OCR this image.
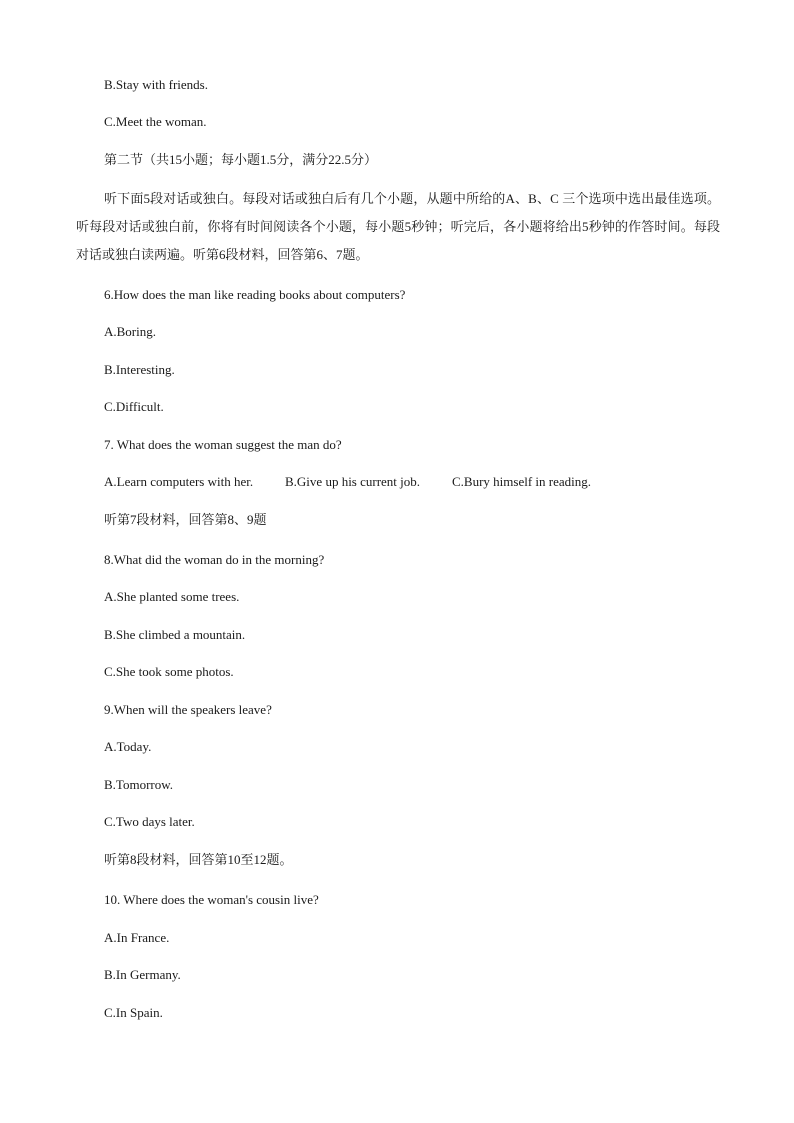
B.Stay with friends.
C.Meet the woman.
第二节（共15小题；每小题1.5分，满分22.5分）
听下面5段对话或独白。每段对话或独白后有几个小题，从题中所给的A、B、C 三个选项中选出最佳选项。听每段对话或独白前，你将有时间阅读各个小题，每小题5秒钟；听完后，各小题将给出5秒钟的作答时间。每段对话或独白读两遍。听第6段材料，回答第6、7题。
6.How does the man like reading books about computers?
A.Boring.
B.Interesting.
C.Difficult.
7. What does the woman suggest the man do?
A.Learn computers with her. B.Give up his current job. C.Bury himself in reading.
听第7段材料，回答第8、9题
8.What did the woman do in the morning?
A.She planted some trees.
B.She climbed a mountain.
C.She took some photos.
9.When will the speakers leave?
A.Today.
B.Tomorrow.
C.Two days later.
听第8段材料，回答第10至12题。
10. Where does the woman's cousin live?
A.In France.
B.In Germany.
C.In Spain.
